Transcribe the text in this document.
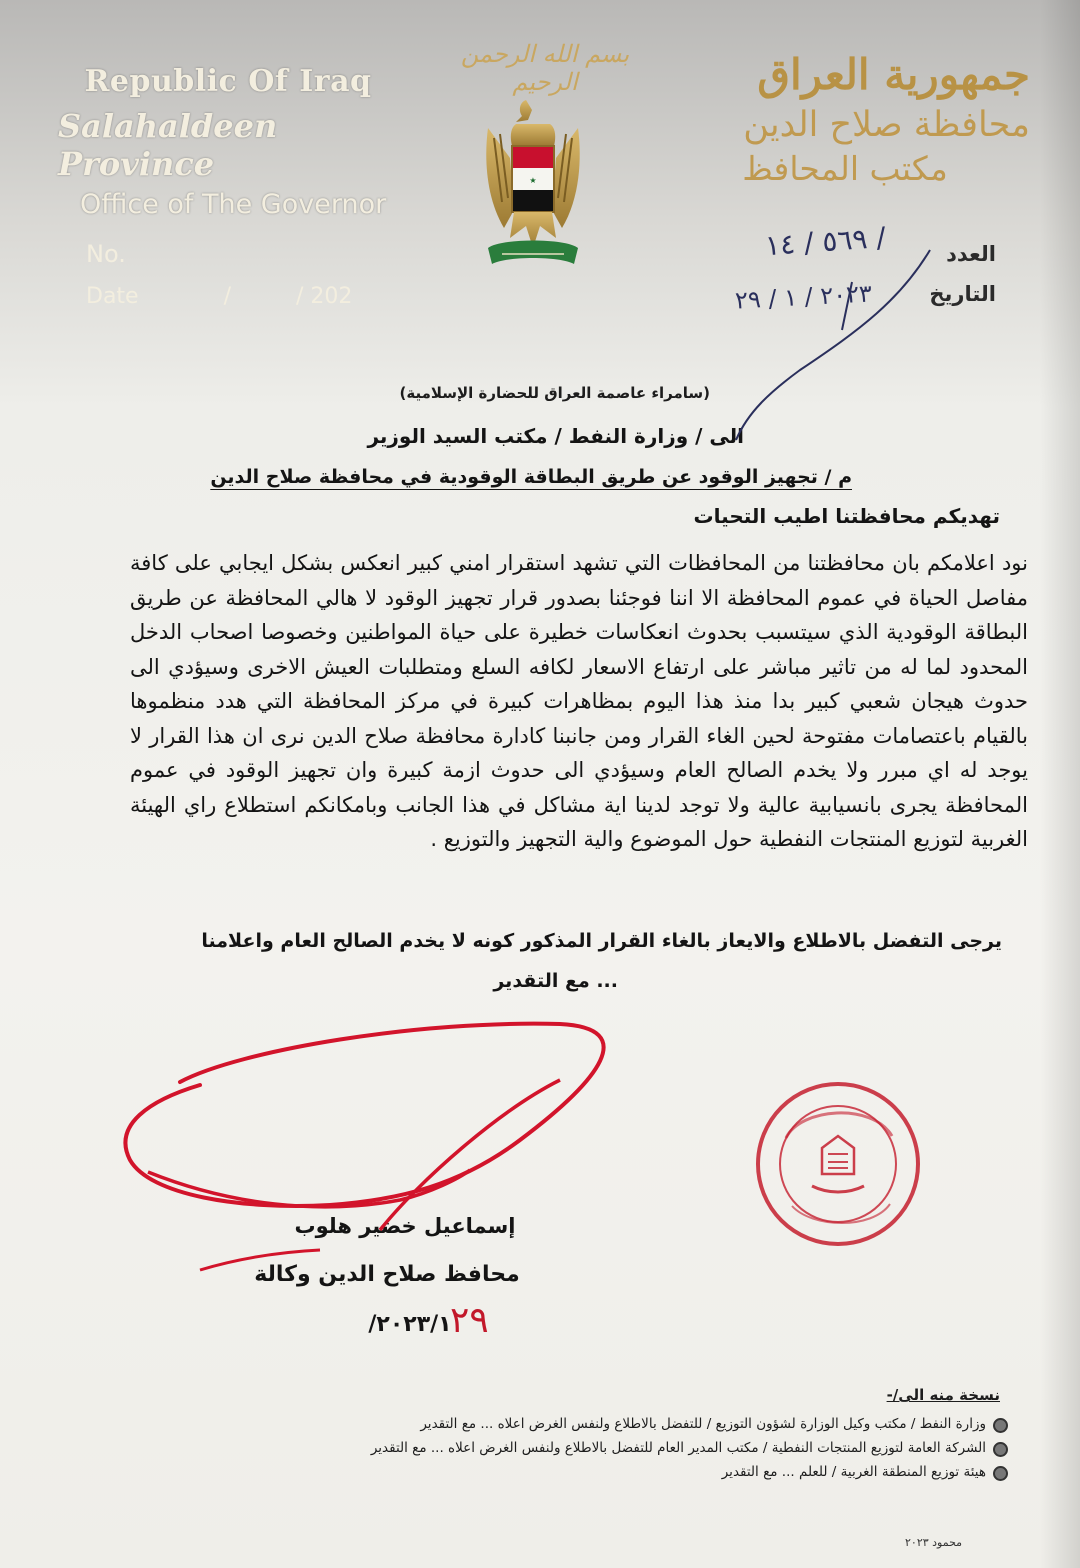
Republic Of Iraq
Salahaldeen Province
Office of The Governor
No.
Date	/	/ 202
بسم الله الرحمن الرحيم
★
جمهورية العراق
محافظة صلاح الدين
مكتب المحافظ
العدد
التاريخ
٥٦٩ / ١٤ /
٢٠٢٣ / ١ / ٢٩
(سامراء عاصمة العراق للحضارة الإسلامية)
الى / وزارة النفط / مكتب السيد الوزير
م / تجهيز الوقود عن طريق البطاقة الوقودية في محافظة صلاح الدين
تهديكم محافظتنا اطيب التحيات
نود اعلامكم بان محافظتنا من المحافظات التي تشهد استقرار امني كبير انعكس بشكل ايجابي على كافة مفاصل الحياة في عموم المحافظة الا اننا فوجئنا بصدور قرار تجهيز الوقود لا هالي المحافظة عن طريق البطاقة الوقودية الذي سيتسبب بحدوث انعكاسات خطيرة على حياة المواطنين وخصوصا اصحاب الدخل المحدود لما له من تاثير مباشر على ارتفاع الاسعار لكافه السلع ومتطلبات العيش الاخرى وسيؤدي الى حدوث هيجان شعبي كبير بدا منذ هذا اليوم بمظاهرات كبيرة في مركز المحافظة التي هدد منظموها بالقيام باعتصامات مفتوحة لحين الغاء القرار ومن جانبنا كادارة محافظة صلاح الدين نرى ان هذا القرار لا يوجد له اي مبرر ولا يخدم الصالح العام وسيؤدي الى حدوث ازمة كبيرة وان تجهيز الوقود في عموم المحافظة يجرى بانسيابية عالية ولا توجد لدينا اية مشاكل في هذا الجانب وبامكانكم استطلاع راي الهيئة الغربية لتوزيع المنتجات النفطية حول الموضوع والية التجهيز والتوزيع .
يرجى التفضل بالاطلاع والايعاز بالغاء القرار المذكور كونه لا يخدم الصالح العام واعلامنا
... مع التقدير
إسماعيل خضير هلوب
محافظ صلاح الدين وكالة
٢٠٢٣/١/
٢٩
نسخة منه الى/-
وزارة النفط / مكتب وكيل الوزارة لشؤون التوزيع / للتفضل بالاطلاع ولنفس الغرض اعلاه ... مع التقدير
الشركة العامة لتوزيع المنتجات النفطية / مكتب المدير العام للتفضل بالاطلاع ولنفس الغرض اعلاه ... مع التقدير
هيئة توزيع المنطقة الغربية / للعلم ... مع التقدير
محمود ٢٠٢٣
